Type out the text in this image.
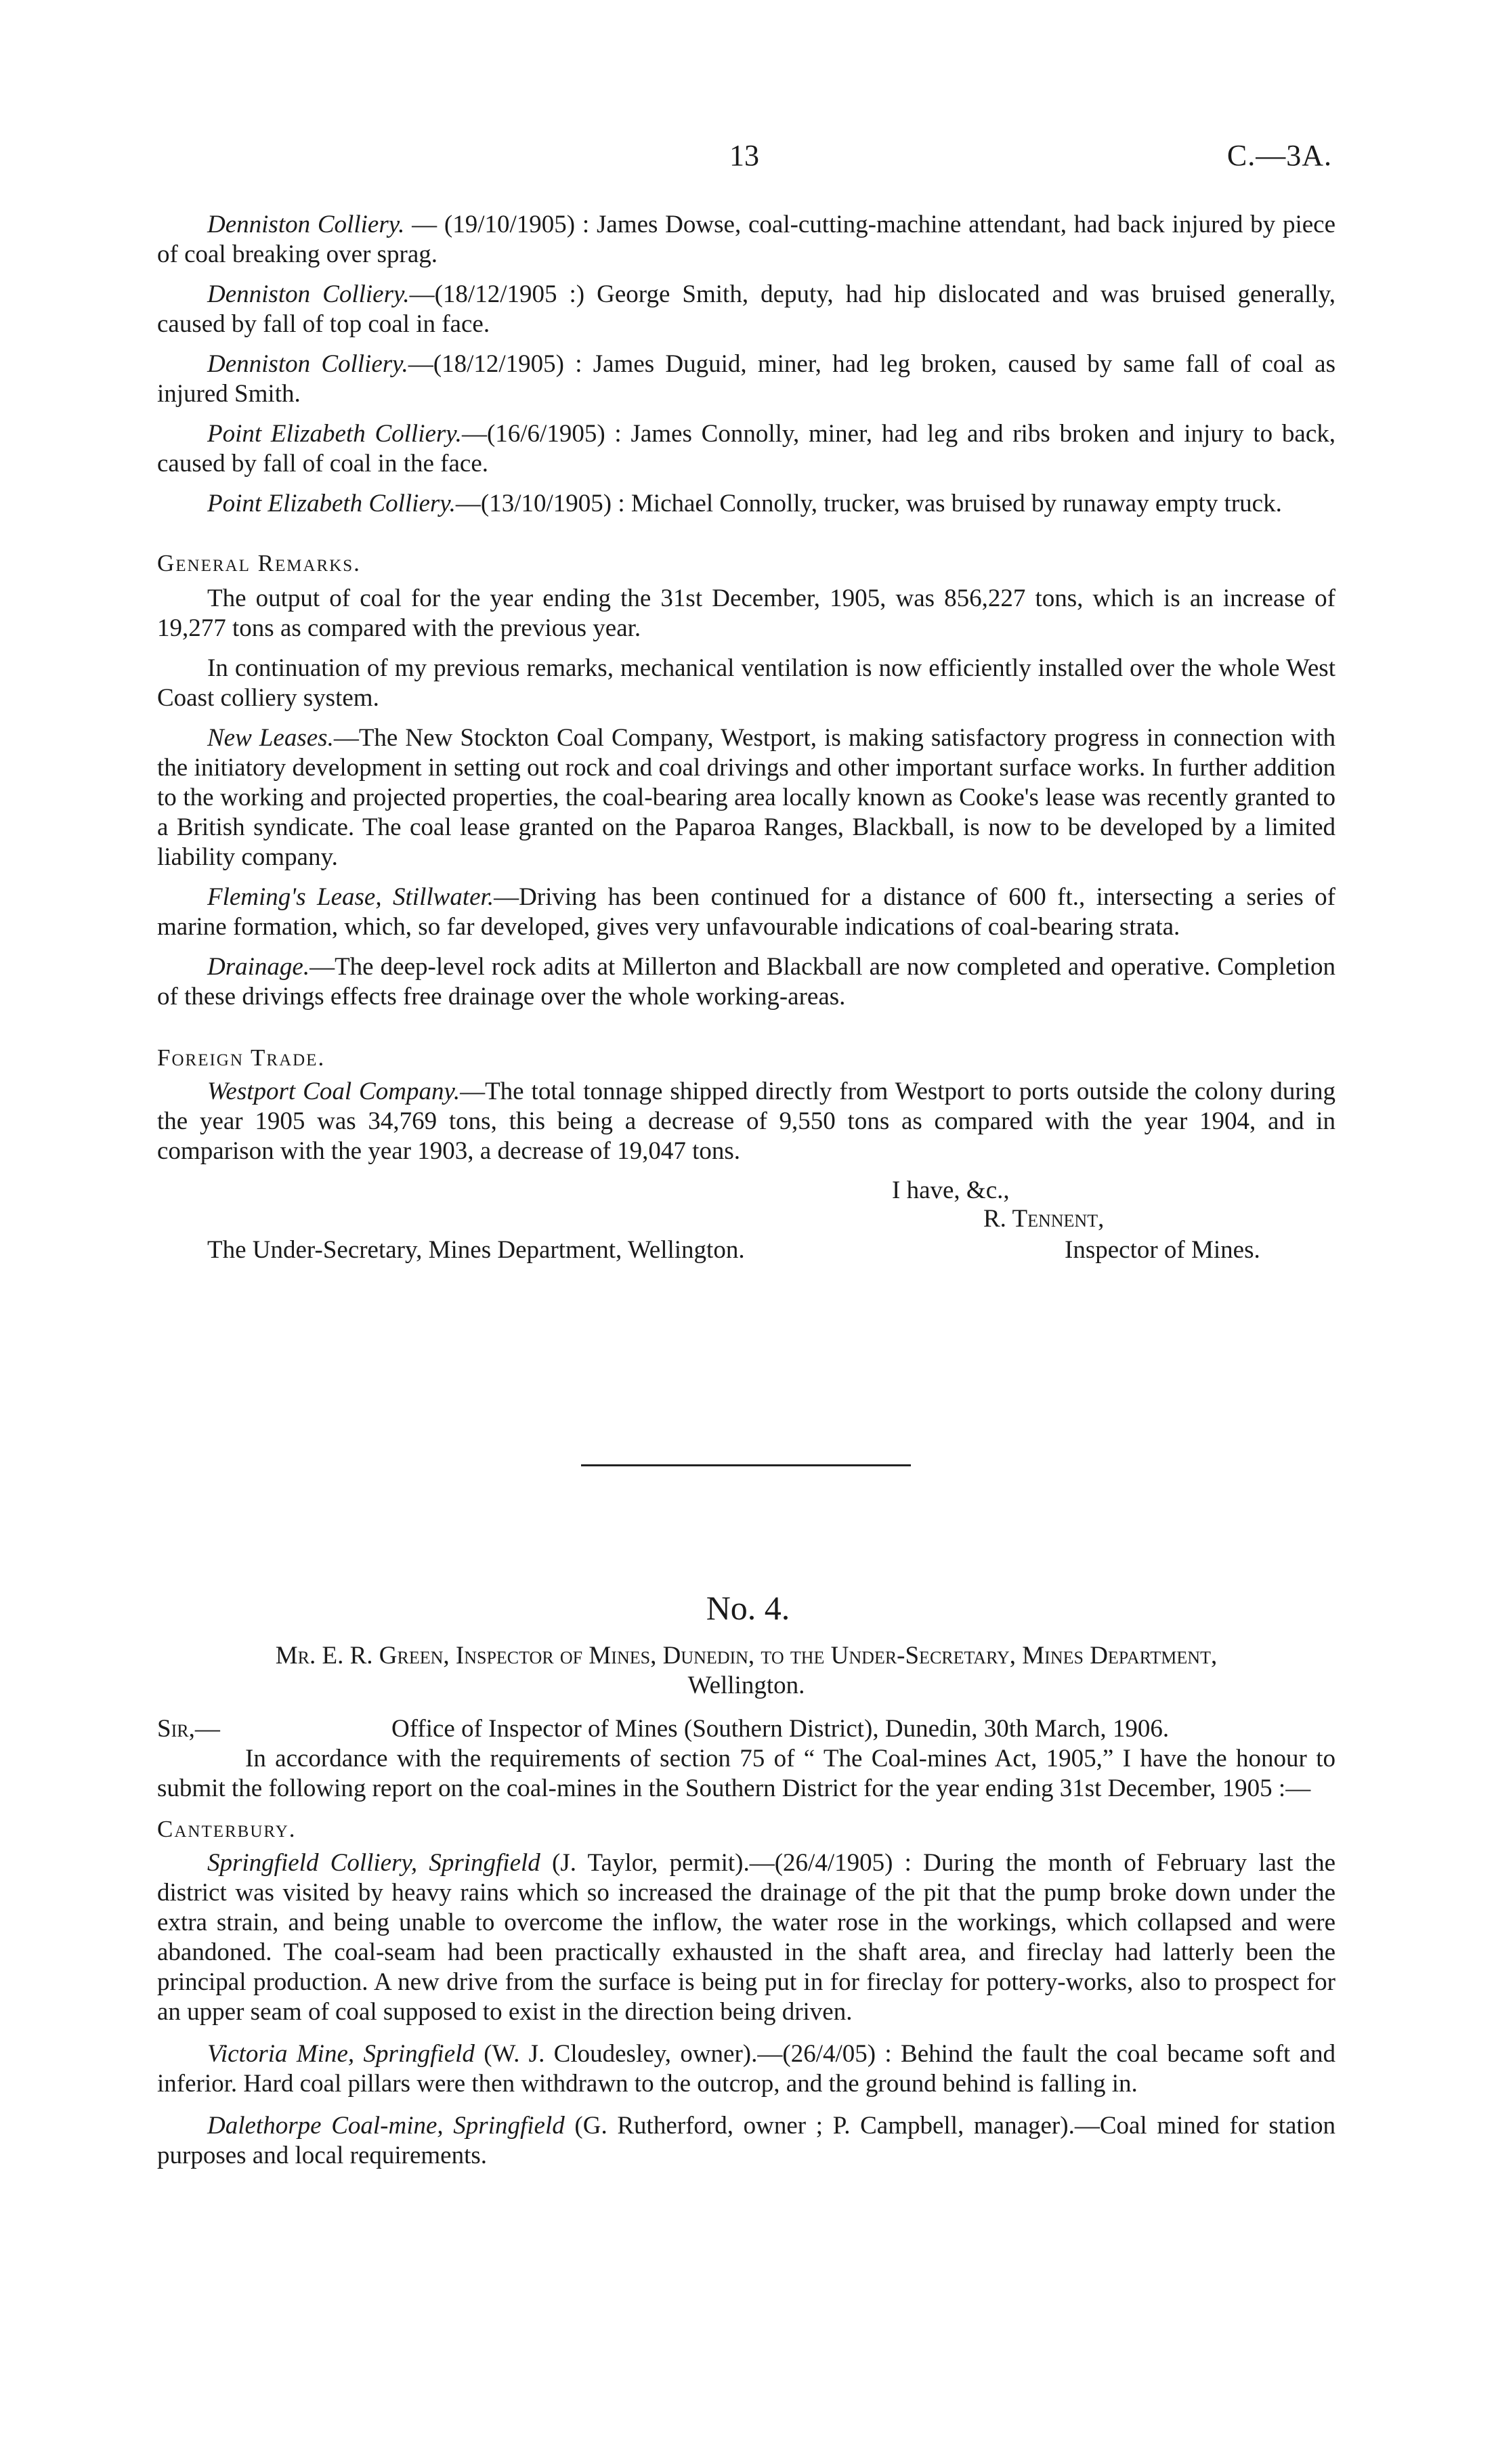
13	C.—3A.

Denniston Colliery. — (19/10/1905) : James Dowse, coal-cutting-machine attendant, had back injured by piece of coal breaking over sprag.

Denniston Colliery.—(18/12/1905 :) George Smith, deputy, had hip dislocated and was bruised generally, caused by fall of top coal in face.

Denniston Colliery.—(18/12/1905) : James Duguid, miner, had leg broken, caused by same fall of coal as injured Smith.

Point Elizabeth Colliery.—(16/6/1905) : James Connolly, miner, had leg and ribs broken and injury to back, caused by fall of coal in the face.

Point Elizabeth Colliery.—(13/10/1905) : Michael Connolly, trucker, was bruised by runaway empty truck.

General Remarks.

The output of coal for the year ending the 31st December, 1905, was 856,227 tons, which is an increase of 19,277 tons as compared with the previous year.

In continuation of my previous remarks, mechanical ventilation is now efficiently installed over the whole West Coast colliery system.

New Leases.—The New Stockton Coal Company, Westport, is making satisfactory progress in connection with the initiatory development in setting out rock and coal drivings and other important surface works. In further addition to the working and projected properties, the coal-bearing area locally known as Cooke's lease was recently granted to a British syndicate. The coal lease granted on the Paparoa Ranges, Blackball, is now to be developed by a limited liability company.

Fleming's Lease, Stillwater.—Driving has been continued for a distance of 600 ft., intersecting a series of marine formation, which, so far developed, gives very unfavourable indications of coal-bearing strata.

Drainage.—The deep-level rock adits at Millerton and Blackball are now completed and operative. Completion of these drivings effects free drainage over the whole working-areas.

Foreign Trade.

Westport Coal Company.—The total tonnage shipped directly from Westport to ports outside the colony during the year 1905 was 34,769 tons, this being a decrease of 9,550 tons as compared with the year 1904, and in comparison with the year 1903, a decrease of 19,047 tons.

I have, &c.,
R. Tennent,
The Under-Secretary, Mines Department, Wellington.	Inspector of Mines.
No. 4.

Mr. E. R. Green, Inspector of Mines, Dunedin, to the Under-Secretary, Mines Department,

Wellington.

Sir,—	Office of Inspector of Mines (Southern District), Dunedin, 30th March, 1906.

In accordance with the requirements of section 75 of “ The Coal-mines Act, 1905,” I have the honour to submit the following report on the coal-mines in the Southern District for the year ending 31st December, 1905 :—

Canterbury.

Springfield Colliery, Springfield (J. Taylor, permit).—(26/4/1905) : During the month of February last the district was visited by heavy rains which so increased the drainage of the pit that the pump broke down under the extra strain, and being unable to overcome the inflow, the water rose in the workings, which collapsed and were abandoned. The coal-seam had been practically exhausted in the shaft area, and fireclay had latterly been the principal production. A new drive from the surface is being put in for fireclay for pottery-works, also to prospect for an upper seam of coal supposed to exist in the direction being driven.

Victoria Mine, Springfield (W. J. Cloudesley, owner).—(26/4/05) : Behind the fault the coal became soft and inferior. Hard coal pillars were then withdrawn to the outcrop, and the ground behind is falling in.

Dalethorpe Coal-mine, Springfield (G. Rutherford, owner ; P. Campbell, manager).—Coal mined for station purposes and local requirements.
